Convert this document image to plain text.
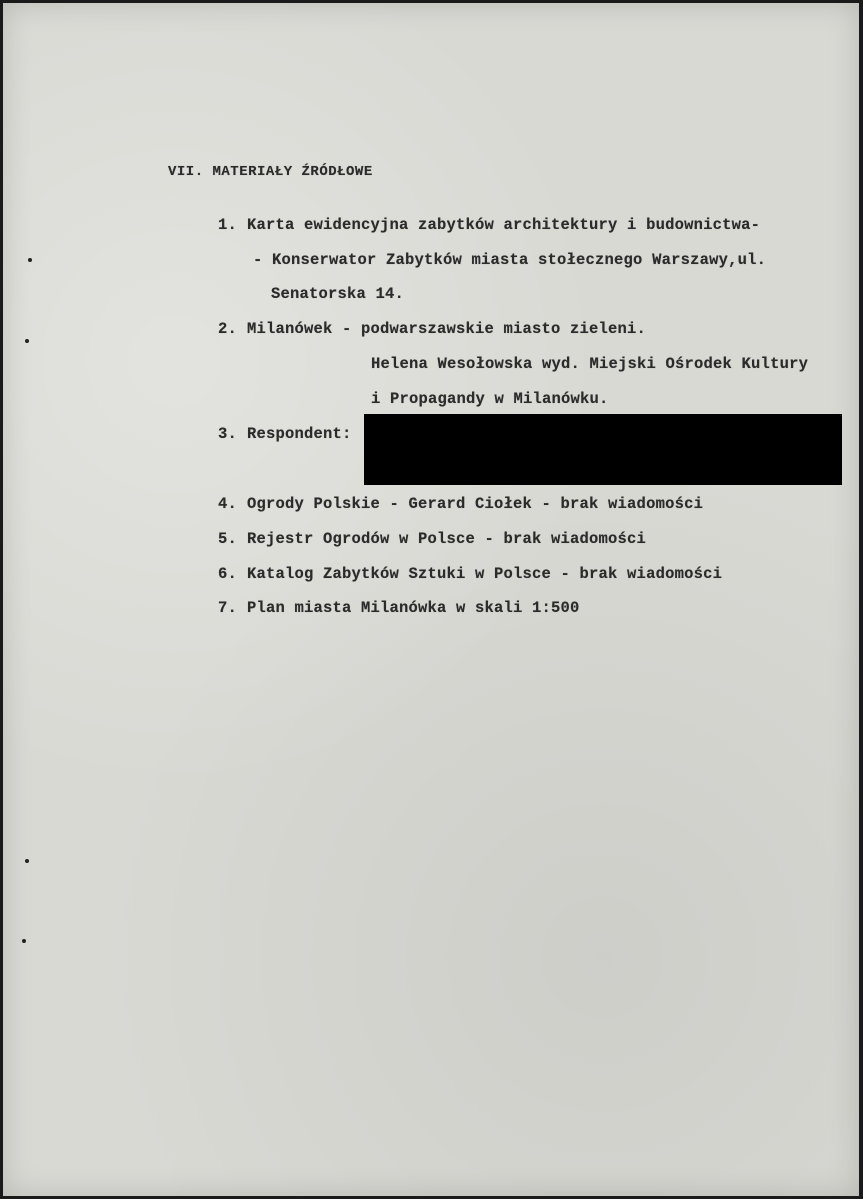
VII. MATERIAŁY ŹRÓDŁOWE
1. Karta ewidencyjna zabytków architektury i budownictwa-
- Konserwator Zabytków miasta stołecznego Warszawy,ul.
Senatorska 14.
2. Milanówek - podwarszawskie miasto zieleni.
Helena Wesołowska wyd. Miejski Ośrodek Kultury
i Propagandy w Milanówku.
3. Respondent:
4. Ogrody Polskie - Gerard Ciołek - brak wiadomości
5. Rejestr Ogrodów w Polsce - brak wiadomości
6. Katalog Zabytków Sztuki w Polsce - brak wiadomości
7. Plan miasta Milanówka w skali 1:500
